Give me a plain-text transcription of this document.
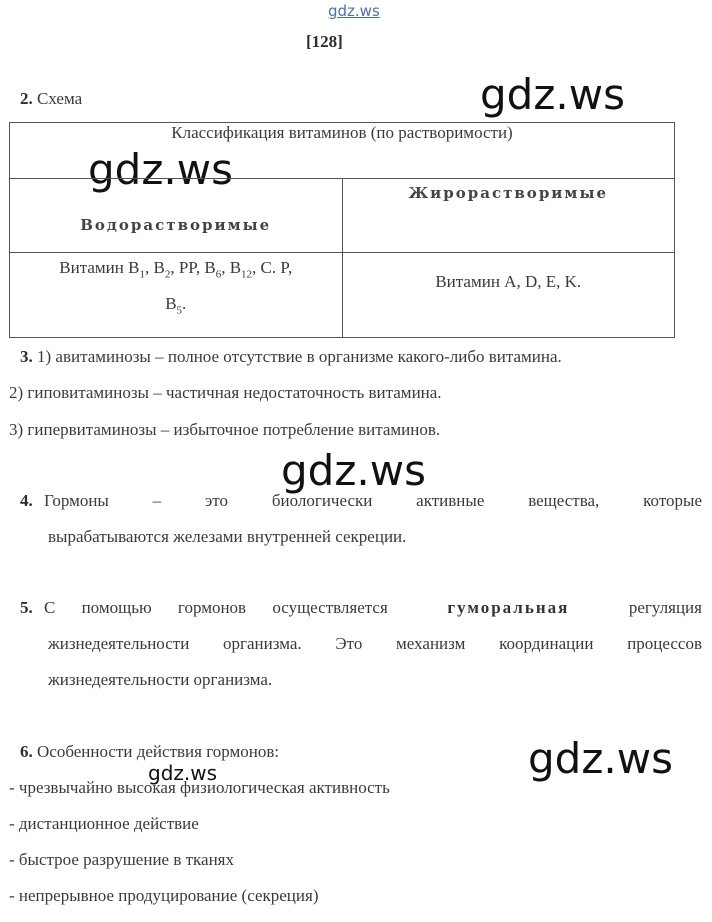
gdz.ws
gdz.ws
gdz.ws
gdz.ws
gdz.ws
gdz.ws
[128]
2. Схема
Классификация витаминов (по растворимости)	
Водорастворимые	Жирорастворимые
Витамин $B_1$, $B_2$, PP, $B_6$, $B_{12}$, C. P,
$B_5$.	Витамин A, D, E, K.
3. 1) авитаминозы – полное отсутствие в организме какого-либо витамина.
2) гиповитаминозы – частичная недостаточность витамина.
3) гипервитаминозы – избыточное потребление витаминов.
4. Гормоны – это биологически активные вещества, которые
вырабатываются железами внутренней секреции.
5. С помощью гормонов осуществляется	гуморальная	регуляция
жизнедеятельности организма. Это механизм координации процессов
жизнедеятельности организма.
6. Особенности действия гормонов:
- чрезвычайно высокая физиологическая активность
- дистанционное действие
- быстрое разрушение в тканях
- непрерывное продуцирование (секреция)
